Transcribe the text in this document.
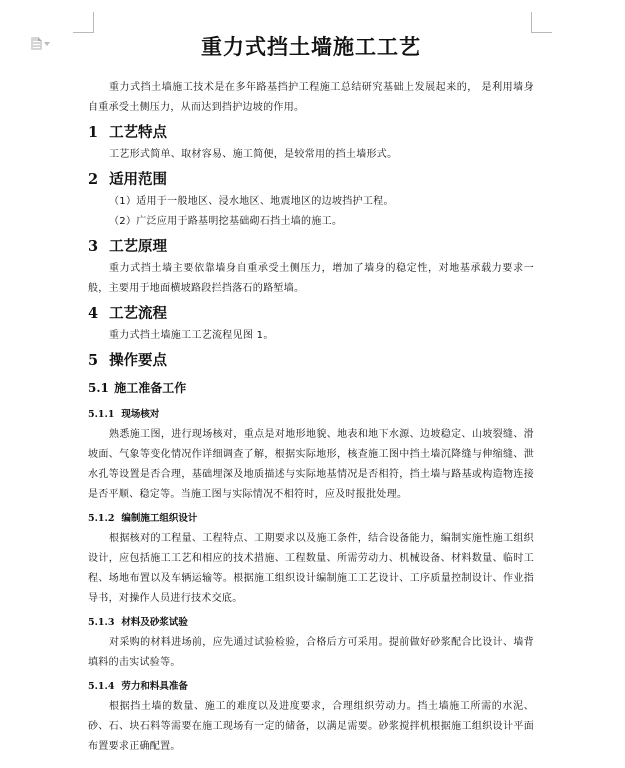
重力式挡土墙施工工艺

重力式挡土墙施工技术是在多年路基挡护工程施工总结研究基础上发展起来的， 是利用墙身自重承受土侧压力，从而达到挡护边坡的作用。

1 工艺特点

工艺形式简单、取材容易、施工简便，是较常用的挡土墙形式。

2 适用范围

（1）适用于一般地区、浸水地区、地震地区的边坡挡护工程。

（2）广泛应用于路基明挖基础砌石挡土墙的施工。

3 工艺原理

重力式挡土墙主要依靠墙身自重承受土侧压力，增加了墙身的稳定性，对地基承载力要求一般，主要用于地面横坡路段拦挡落石的路堑墙。

4 工艺流程

重力式挡土墙施工工艺流程见图 1。

5 操作要点
5.1 施工准备工作
5.1.1 现场核对

熟悉施工图，进行现场核对，重点是对地形地貌、地表和地下水源、边坡稳定、山坡裂缝、滑坡面、气象等变化情况作详细调查了解，根据实际地形，核查施工图中挡土墙沉降缝与伸缩缝、泄水孔等设置是否合理，基础埋深及地质描述与实际地基情况是否相符，挡土墙与路基或构造物连接是否平顺、稳定等。当施工图与实际情况不相符时，应及时报批处理。

5.1.2 编制施工组织设计

根据核对的工程量、工程特点、工期要求以及施工条件，结合设备能力，编制实施性施工组织设计，应包括施工工艺和相应的技术措施、工程数量、所需劳动力、机械设备、材料数量、临时工程、场地布置以及车辆运输等。根据施工组织设计编制施工工艺设计、工序质量控制设计、作业指导书，对操作人员进行技术交底。

5.1.3 材料及砂浆试验

对采购的材料进场前，应先通过试验检验，合格后方可采用。提前做好砂浆配合比设计、墙背填料的击实试验等。

5.1.4 劳力和料具准备

根据挡土墙的数量、施工的难度以及进度要求，合理组织劳动力。挡土墙施工所需的水泥、砂、石、块石料等需要在施工现场有一定的储备，以满足需要。砂浆搅拌机根据施工组织设计平面布置要求正确配置。
